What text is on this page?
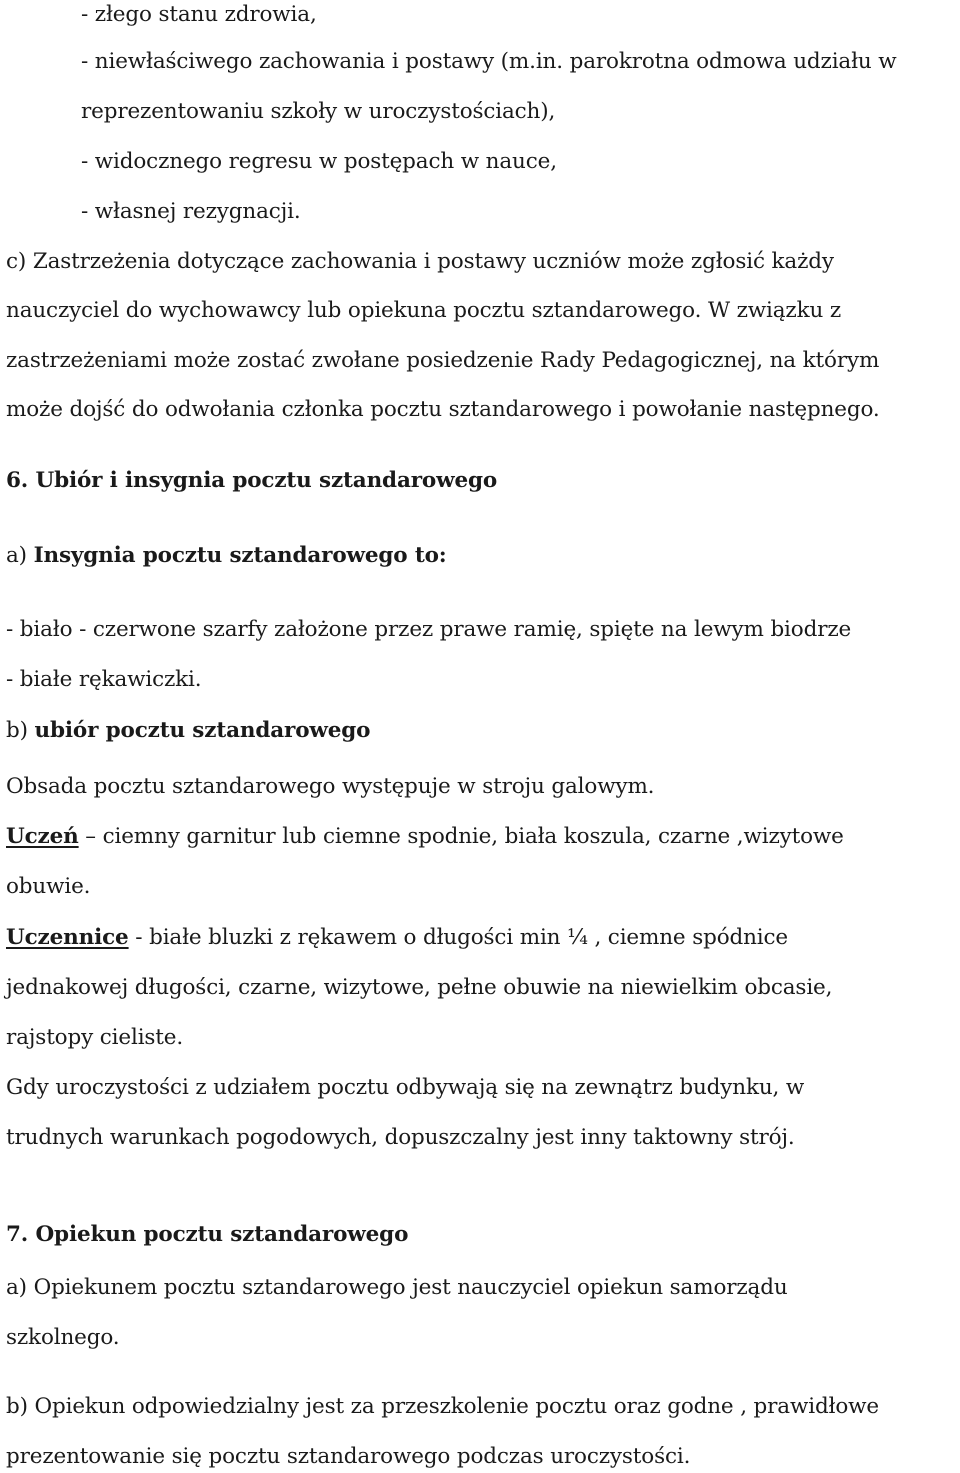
- złego stanu zdrowia,
- niewłaściwego zachowania i postawy (m.in. parokrotna odmowa udziału w
reprezentowaniu szkoły w uroczystościach),
- widocznego regresu w postępach w nauce,
- własnej rezygnacji.
c) Zastrzeżenia dotyczące zachowania i postawy uczniów może zgłosić każdy
nauczyciel do wychowawcy lub opiekuna pocztu sztandarowego. W związku z
zastrzeżeniami może zostać zwołane posiedzenie Rady Pedagogicznej, na którym
może dojść do odwołania członka pocztu sztandarowego i powołanie następnego.
6. Ubiór i insygnia pocztu sztandarowego
a) Insygnia pocztu sztandarowego to:
- biało - czerwone szarfy założone przez prawe ramię, spięte na lewym biodrze
- białe rękawiczki.
b) ubiór pocztu sztandarowego
Obsada pocztu sztandarowego występuje w stroju galowym.
Uczeń – ciemny garnitur lub ciemne spodnie, biała koszula, czarne ,wizytowe
obuwie.
Uczennice - białe bluzki z rękawem o długości min ¼ , ciemne spódnice
jednakowej długości, czarne, wizytowe, pełne obuwie na niewielkim obcasie,
rajstopy cieliste.
Gdy uroczystości z udziałem pocztu odbywają się na zewnątrz budynku, w
trudnych warunkach pogodowych, dopuszczalny jest inny taktowny strój.
7. Opiekun pocztu sztandarowego
a) Opiekunem pocztu sztandarowego jest nauczyciel opiekun samorządu
szkolnego.
b) Opiekun odpowiedzialny jest za przeszkolenie pocztu oraz godne , prawidłowe
prezentowanie się pocztu sztandarowego podczas uroczystości.
